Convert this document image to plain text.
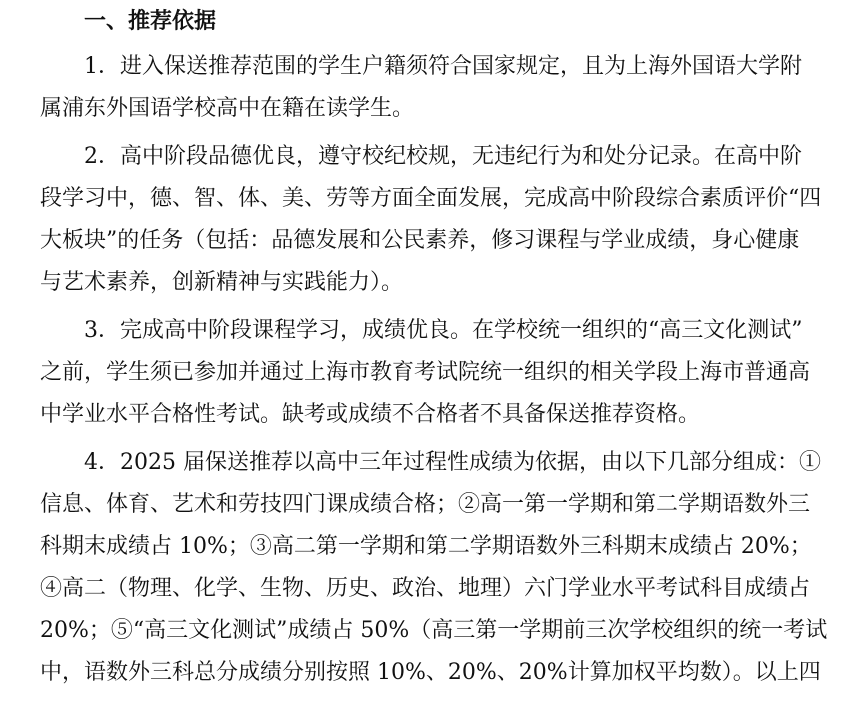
一、推荐依据
1．进入保送推荐范围的学生户籍须符合国家规定，且为上海外国语大学附
属浦东外国语学校高中在籍在读学生。
2．高中阶段品德优良，遵守校纪校规，无违纪行为和处分记录。在高中阶
段学习中，德、智、体、美、劳等方面全面发展，完成高中阶段综合素质评价“四
大板块”的任务（包括：品德发展和公民素养，修习课程与学业成绩，身心健康
与艺术素养，创新精神与实践能力）。
3．完成高中阶段课程学习，成绩优良。在学校统一组织的“高三文化测试”
之前，学生须已参加并通过上海市教育考试院统一组织的相关学段上海市普通高
中学业水平合格性考试。缺考或成绩不合格者不具备保送推荐资格。
4．2025 届保送推荐以高中三年过程性成绩为依据，由以下几部分组成：①
信息、体育、艺术和劳技四门课成绩合格；②高一第一学期和第二学期语数外三
科期末成绩占 10%；③高二第一学期和第二学期语数外三科期末成绩占 20%；
④高二（物理、化学、生物、历史、政治、地理）六门学业水平考试科目成绩占
20%；⑤“高三文化测试”成绩占 50%（高三第一学期前三次学校组织的统一考试
中，语数外三科总分成绩分别按照 10%、20%、20%计算加权平均数）。以上四
